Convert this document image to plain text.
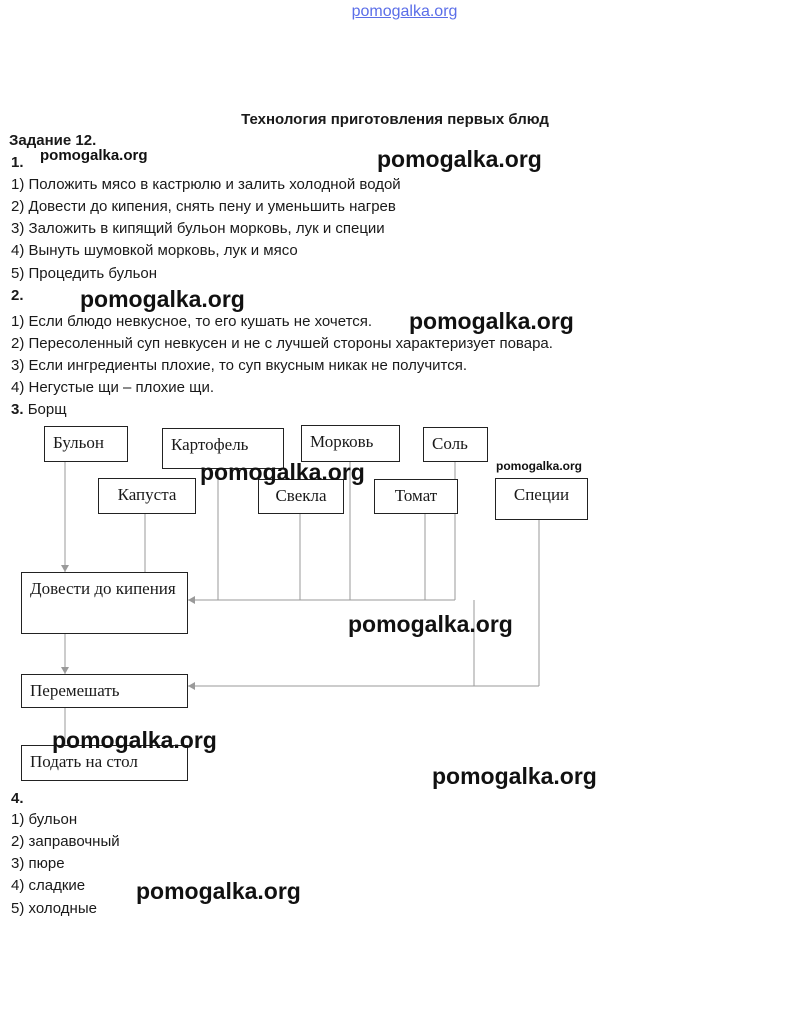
pomogalka.org
Технология приготовления первых блюд
Задание 12.
1.
1) Положить мясо в кастрюлю и залить холодной водой
2) Довести до кипения, снять пену и уменьшить нагрев
3) Заложить в кипящий бульон морковь, лук и специи
4) Вынуть шумовкой морковь, лук и мясо
5) Процедить бульон
2.
1) Если блюдо невкусное, то его кушать не хочется.
2) Пересоленный суп невкусен и не с лучшей стороны характеризует повара.
3) Если ингредиенты плохие, то суп вкусным никак не получится.
4) Негустые щи – плохие щи.
3. Борщ
Бульон	Картофель	Морковь	Соль
Капуста	Свекла	Томат	Специи
Довести до кипения
Перемешать
Подать на стол
4.
1) бульон
2) заправочный
3) пюре
4) сладкие
5) холодные
pomogalka.org	pomogalka.org
pomogalka.org
pomogalka.org
pomogalka.org	pomogalka.org
pomogalka.org
pomogalka.org
pomogalka.org
pomogalka.org
